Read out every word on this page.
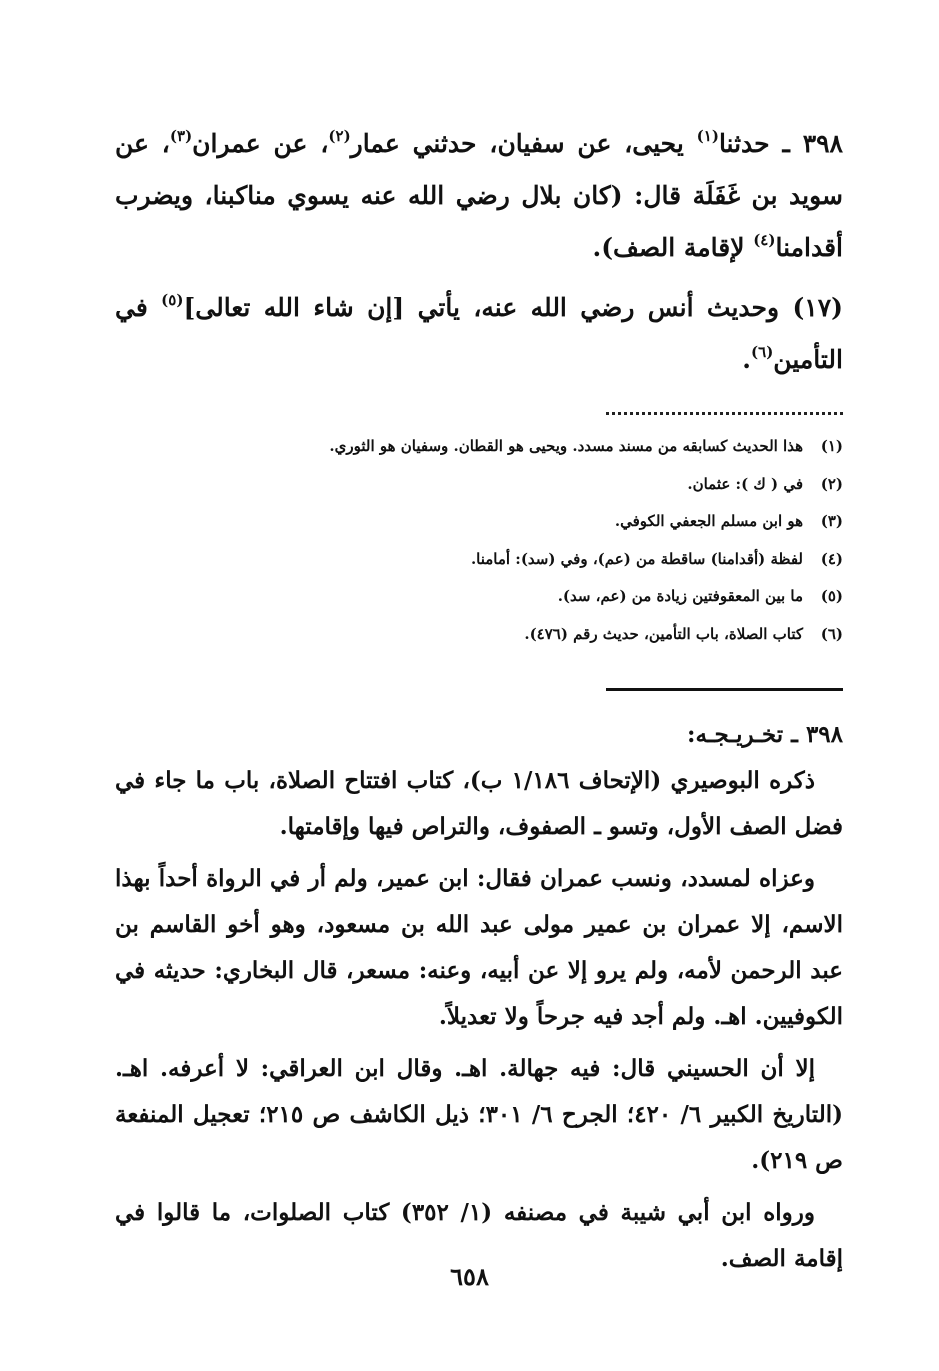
٣٩٨ ـ حدثنا$^{(١)}$ يحيى، عن سفيان، حدثني عمار$^{(٢)}$، عن عمران$^{(٣)}$، عن سويد بن غَفَلَة قال: (كان بلال رضي الله عنه يسوي مناكبنا، ويضرب أقدامنا$^{(٤)}$ لإقامة الصف).

(١٧) وحديث أنس رضي الله عنه، يأتي [إن شاء الله تعالى]$^{(٥)}$ في التأمين$^{(٦)}$.

(١)
هذا الحديث كسابقه من مسند مسدد. ويحيى هو القطان. وسفيان هو الثوري.
(٢)
في ( ك ): عثمان.
(٣)
هو ابن مسلم الجعفي الكوفي.
(٤)
لفظة (أقدامنا) ساقطة من (عم)، وفي (سد): أمامنا.
(٥)
ما بين المعقوفتين زيادة من (عم، سد).
(٦)
كتاب الصلاة، باب التأمين، حديث رقم (٤٧٦).

٣٩٨ ـ تخـريـجـه:

ذكره البوصيري (الإتحاف ١/١٨٦ ب)، كتاب افتتاح الصلاة، باب ما جاء في فضل الصف الأول، وتسو ـ الصفوف، والتراص فيها وإقامتها.

وعزاه لمسدد، ونسب عمران فقال: ابن عمير، ولم أر في الرواة أحداً بهذا الاسم، إلا عمران بن عمير مولى عبد الله بن مسعود، وهو أخو القاسم بن عبد الرحمن لأمه، ولم يرو إلا عن أبيه، وعنه: مسعر، قال البخاري: حديثه في الكوفيين. اهـ. ولم أجد فيه جرحاً ولا تعديلاً.

إلا أن الحسيني قال: فيه جهالة. اهـ. وقال ابن العراقي: لا أعرفه. اهـ. (التاريخ الكبير ٦/ ٤٢٠؛ الجرح ٦/ ٣٠١؛ ذيل الكاشف ص ٢١٥؛ تعجيل المنفعة ص ٢١٩).

ورواه ابن أبي شيبة في مصنفه (١/ ٣٥٢) كتاب الصلوات، ما قالوا في إقامة الصف.

٦٥٨
